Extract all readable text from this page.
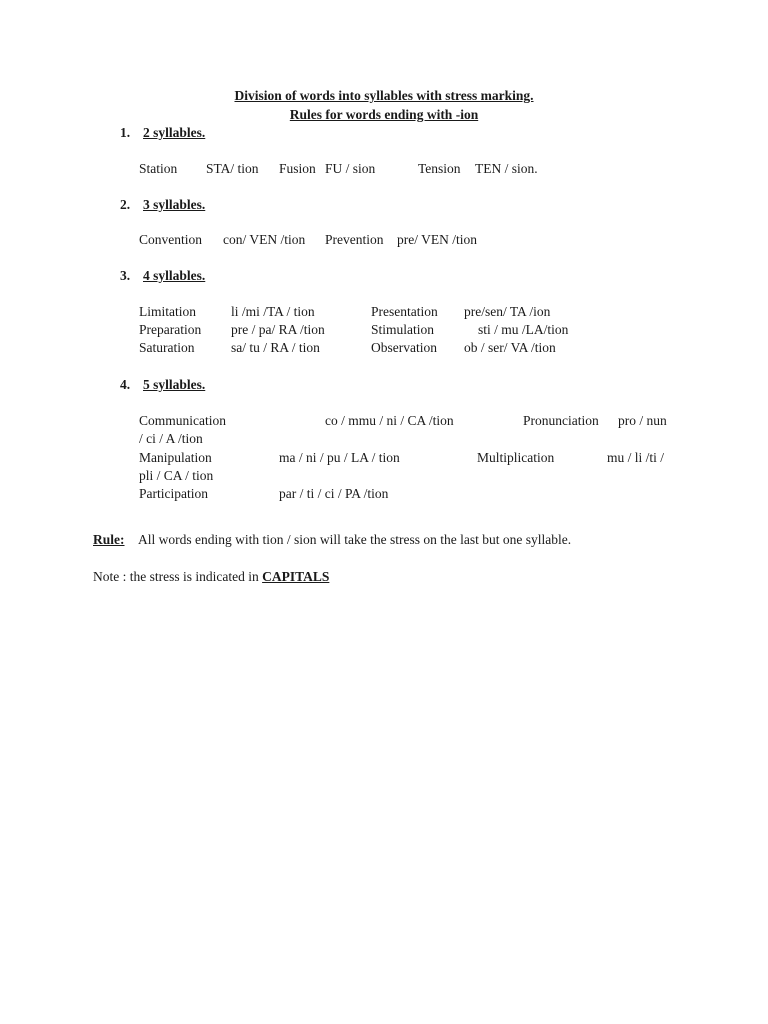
Division of words into syllables with stress marking.
Rules for words ending with -ion
1. 2 syllables.
Station STA/ tion Fusion FU / sion	Tension TEN / sion.
2. 3 syllables.
Convention con/ VEN /tion Prevention pre/ VEN /tion
3. 4 syllables.
Limitation	li /mi /TA / tion	Presentation pre/sen/ TA /ion
Preparation pre / pa/ RA /tion	Stimulation	sti / mu /LA/tion
Saturation	sa/ tu / RA / tion	Observation ob / ser/ VA /tion
4. 5 syllables.
Communication	co / mmu / ni / CA /tion	Pronunciation pro / nun
/ ci / A /tion
Manipulation	ma / ni / pu / LA / tion	Multiplication	mu / li /ti /
pli / CA / tion
Participation	par / ti / ci / PA /tion
Rule: All words ending with tion / sion will take the stress on the last but one syllable.
Note : the stress is indicated in CAPITALS
